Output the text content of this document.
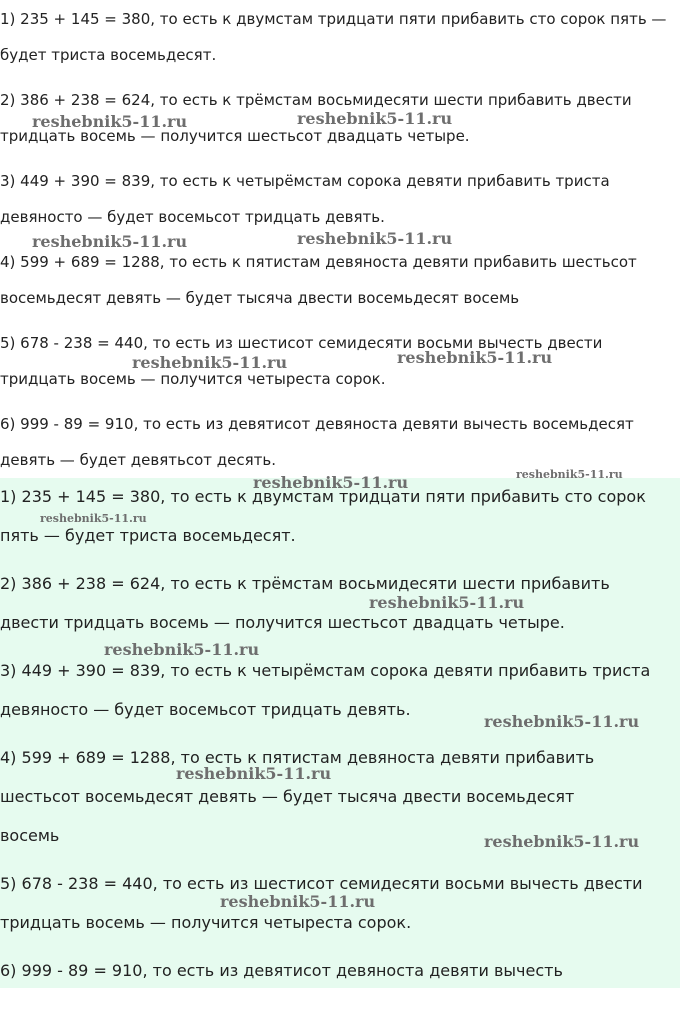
1) 235 + 145 = 380, то есть к двумстам тридцати пяти прибавить сто сорок пять —

будет триста восемьдесят.

2) 386 + 238 = 624, то есть к трёмстам восьмидесяти шести прибавить двести

тридцать восемь — получится шестьсот двадцать четыре.

3) 449 + 390 = 839, то есть к четырёмстам сорока девяти прибавить триста

девяносто — будет восемьсот тридцать девять.

4) 599 + 689 = 1288, то есть к пятистам девяноста девяти прибавить шестьсот

восемьдесят девять — будет тысяча двести восемьдесят восемь

5) 678 - 238 = 440, то есть из шестисот семидесяти восьми вычесть двести

тридцать восемь — получится четыреста сорок.

6) 999 - 89 = 910, то есть из девятисот девяноста девяти вычесть восемьдесят

девять — будет девятьсот десять.

1) 235 + 145 = 380, то есть к двумстам тридцати пяти прибавить сто сорок

пять — будет триста восемьдесят.

2) 386 + 238 = 624, то есть к трёмстам восьмидесяти шести прибавить

двести тридцать восемь — получится шестьсот двадцать четыре.

3) 449 + 390 = 839, то есть к четырёмстам сорока девяти прибавить триста

девяносто — будет восемьсот тридцать девять.

4) 599 + 689 = 1288, то есть к пятистам девяноста девяти прибавить

шестьсот восемьдесят девять — будет тысяча двести восемьдесят

восемь

5) 678 - 238 = 440, то есть из шестисот семидесяти восьми вычесть двести

тридцать восемь — получится четыреста сорок.

6) 999 - 89 = 910, то есть из девятисот девяноста девяти вычесть

reshebnik5-11.ru	reshebnik5-11.ru
reshebnik5-11.ru	reshebnik5-11.ru
reshebnik5-11.ru	reshebnik5-11.ru
reshebnik5-11.ru	reshebnik5-11.ru
reshebnik5-11.ru
reshebnik5-11.ru
reshebnik5-11.ru
reshebnik5-11.ru
reshebnik5-11.ru
reshebnik5-11.ru
reshebnik5-11.ru
